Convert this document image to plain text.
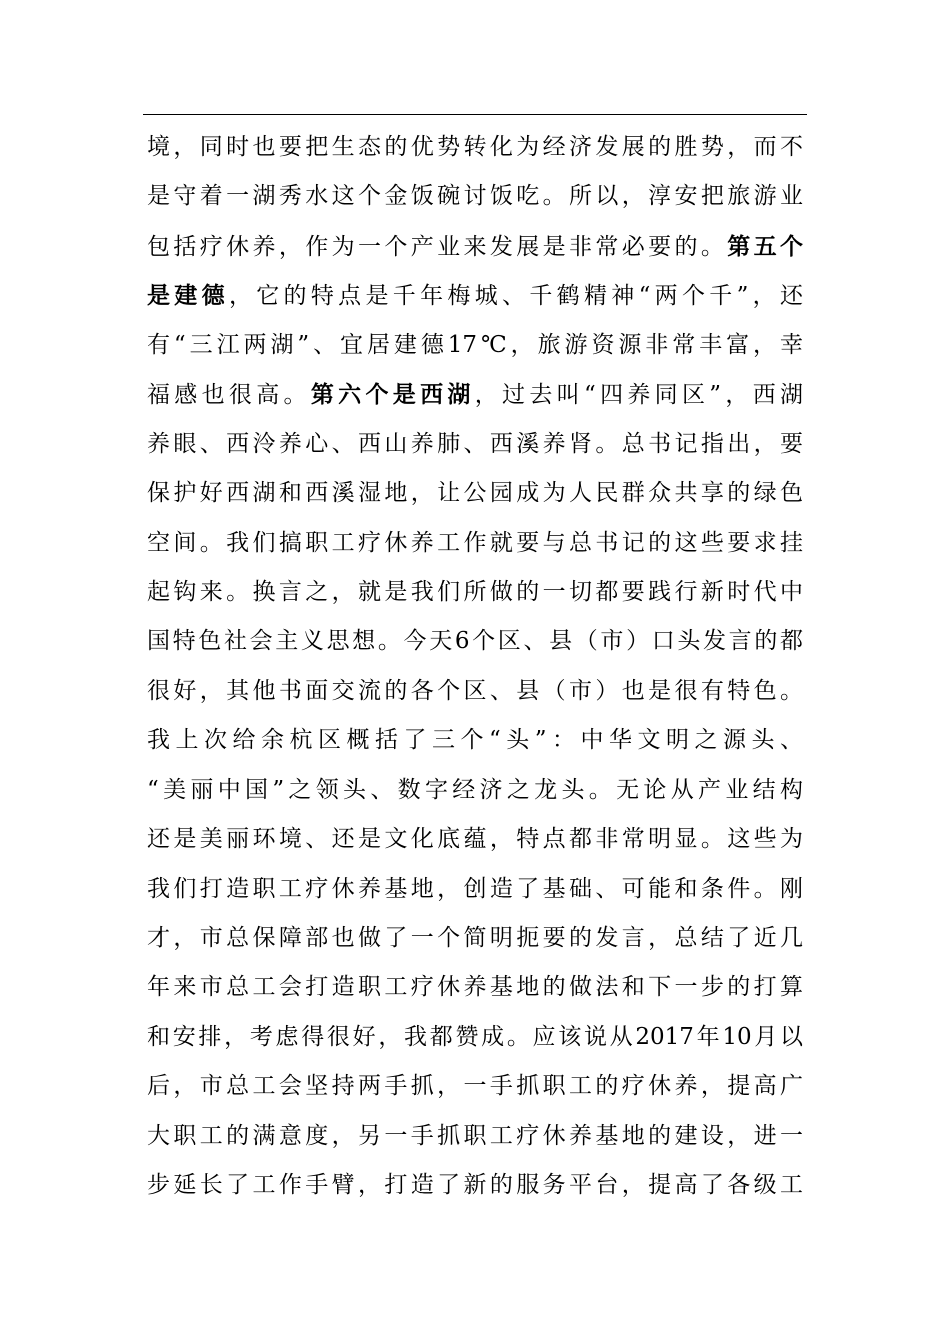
境，同时也要把生态的优势转化为经济发展的胜势，而不
是守着一湖秀水这个金饭碗讨饭吃。所以，淳安把旅游业
包括疗休养，作为一个产业来发展是非常必要的。第五个
是建德，它的特点是千年梅城、千鹤精神“两个千”，还
有“三江两湖”、宜居建德17℃，旅游资源非常丰富，幸
福感也很高。第六个是西湖，过去叫“四养同区”，西湖
养眼、西泠养心、西山养肺、西溪养肾。总书记指出，要
保护好西湖和西溪湿地，让公园成为人民群众共享的绿色
空间。我们搞职工疗休养工作就要与总书记的这些要求挂
起钩来。换言之，就是我们所做的一切都要践行新时代中
国特色社会主义思想。今天6个区、县（市）口头发言的都
很好，其他书面交流的各个区、县（市）也是很有特色。
我上次给余杭区概括了三个“头”：中华文明之源头、
“美丽中国”之领头、数字经济之龙头。无论从产业结构
还是美丽环境、还是文化底蕴，特点都非常明显。这些为
我们打造职工疗休养基地，创造了基础、可能和条件。刚
才，市总保障部也做了一个简明扼要的发言，总结了近几
年来市总工会打造职工疗休养基地的做法和下一步的打算
和安排，考虑得很好，我都赞成。应该说从2017年10月以
后，市总工会坚持两手抓，一手抓职工的疗休养，提高广
大职工的满意度，另一手抓职工疗休养基地的建设，进一
步延长了工作手臂，打造了新的服务平台，提高了各级工
